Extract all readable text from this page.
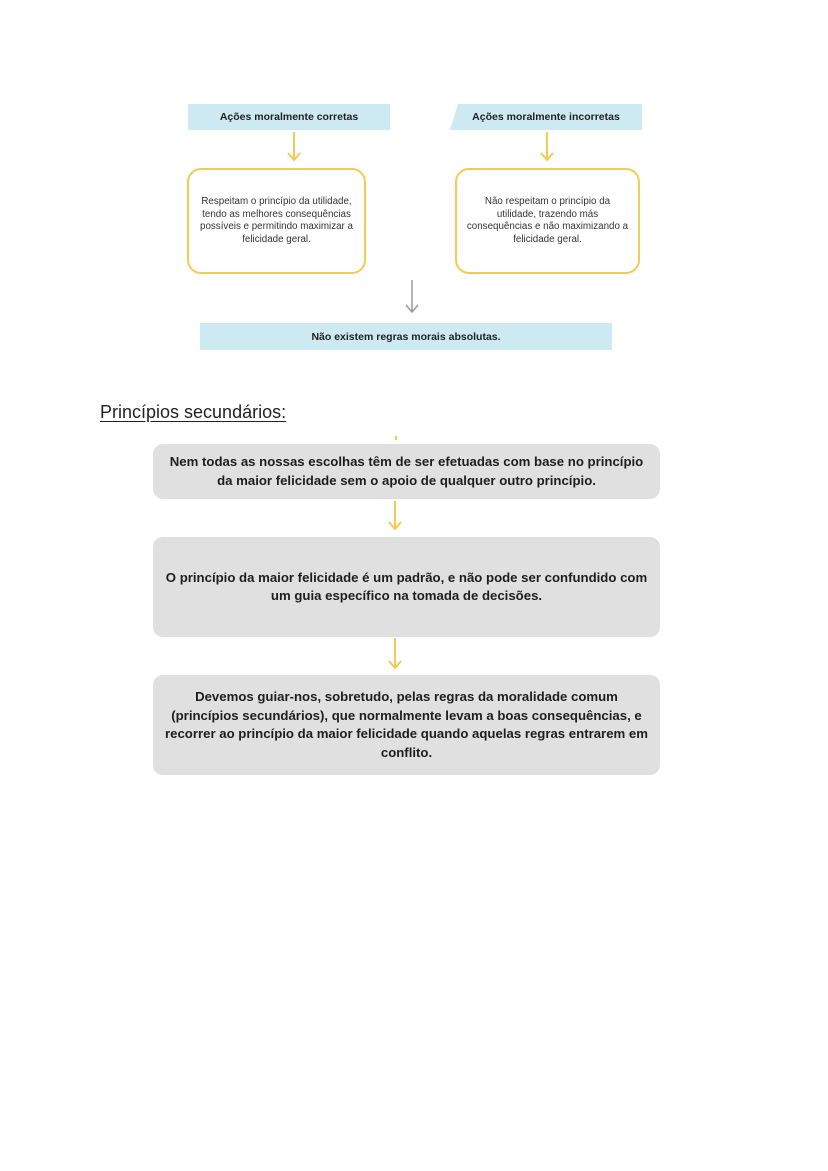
Ações moralmente corretas	Ações moralmente incorretas
Respeitam o princípio da utilidade, tendo as melhores consequências possíveis e permitindo maximizar a felicidade geral.
Não respeitam o princípio da utilidade, trazendo más consequências e não maximizando a felicidade geral.
Não existem regras morais absolutas.
Princípios secundários:
Nem todas as nossas escolhas têm de ser efetuadas com base no princípio da maior felicidade sem o apoio de qualquer outro princípio.
O princípio da maior felicidade é um padrão, e não pode ser confundido com um guia específico na tomada de decisões.
Devemos guiar-nos, sobretudo, pelas regras da moralidade comum (princípios secundários), que normalmente levam a boas consequências, e recorrer ao princípio da maior felicidade quando aquelas regras entrarem em conflito.
